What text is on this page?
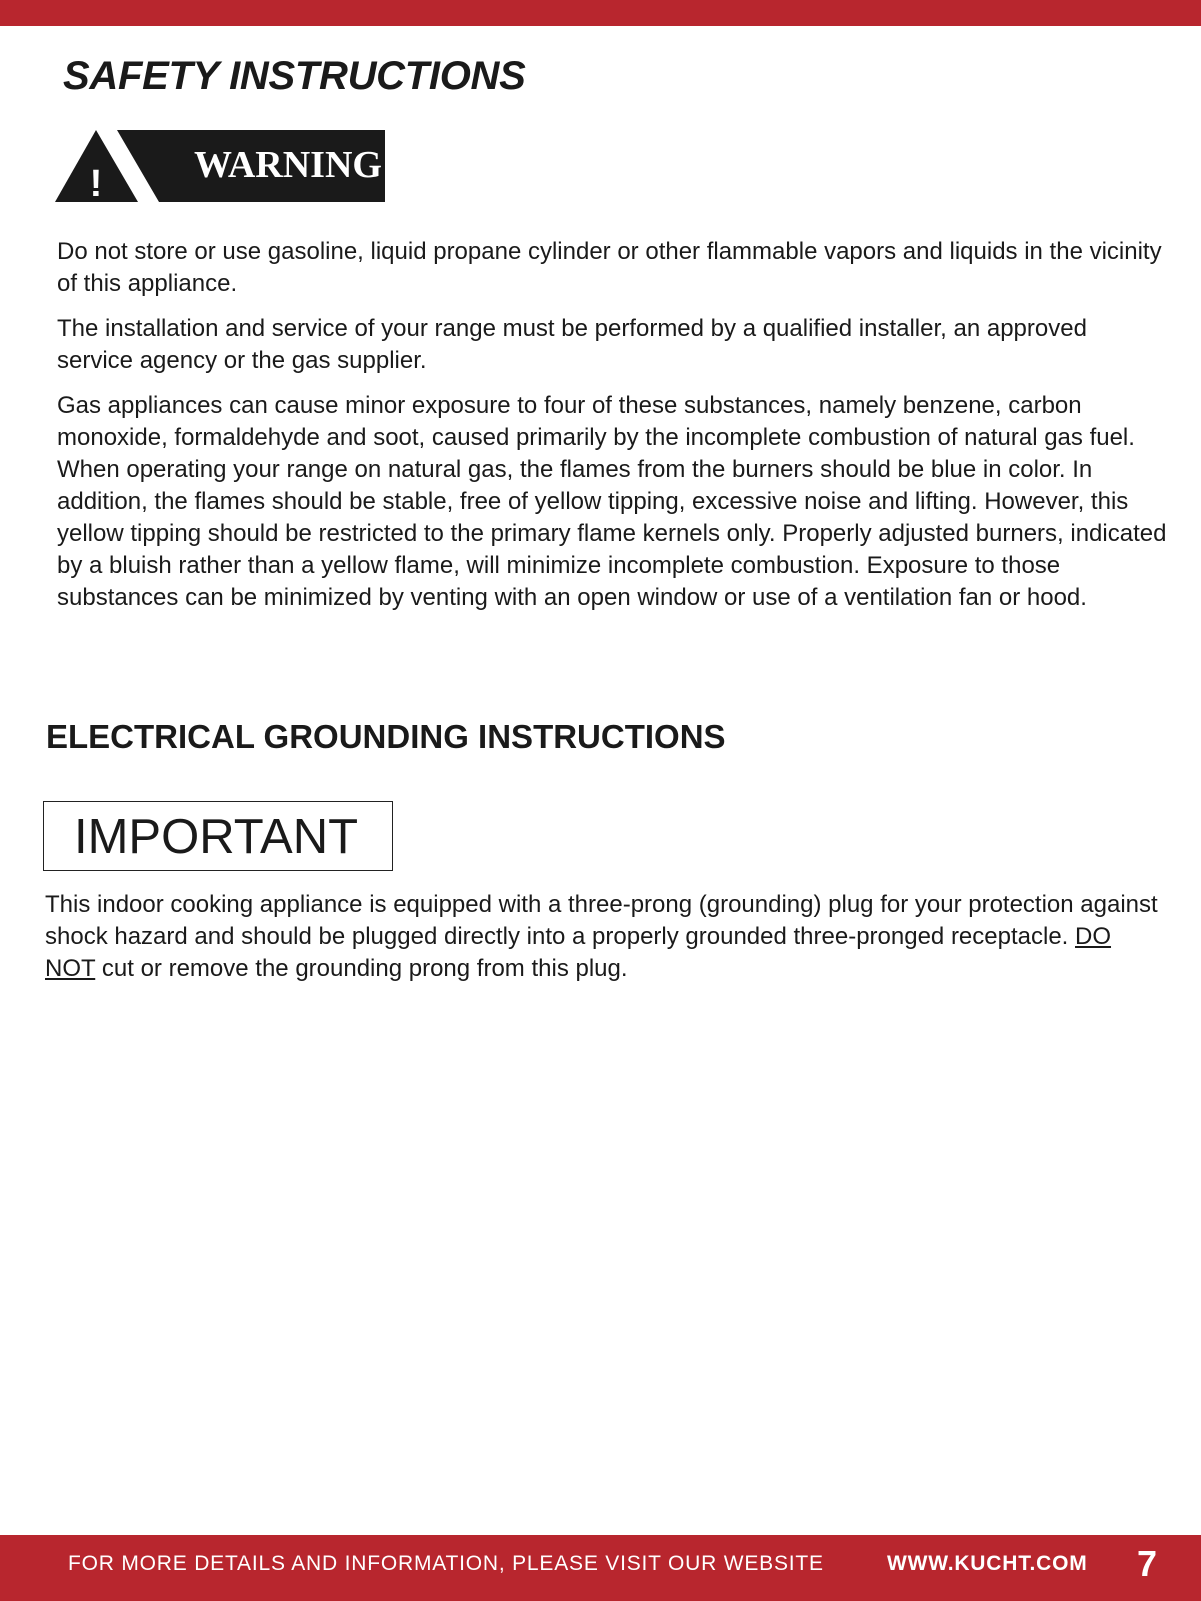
SAFETY INSTRUCTIONS
! WARNING

Do not store or use gasoline, liquid propane cylinder or other flammable vapors and liquids in the vicinity of this appliance.

The installation and service of your range must be performed by a qualified installer, an approved service agency or the gas supplier.

Gas appliances can cause minor exposure to four of these substances, namely benzene, carbon monoxide, formaldehyde and soot, caused primarily by the incomplete combustion of natural gas fuel. When operating your range on natural gas, the flames from the burners should be blue in color. In addition, the flames should be stable, free of yellow tipping, excessive noise and lifting. However, this yellow tipping should be restricted to the primary flame kernels only. Properly adjusted burners, indicated by a bluish rather than a yellow flame, will minimize incomplete combustion. Exposure to those substances can be minimized by venting with an open window or use of a ventilation fan or hood.

ELECTRICAL GROUNDING INSTRUCTIONS
IMPORTANT

This indoor cooking appliance is equipped with a three-prong (grounding) plug for your protection against shock hazard and should be plugged directly into a properly grounded three-pronged receptacle. DO NOT cut or remove the grounding prong from this plug.

FOR MORE DETAILS AND INFORMATION, PLEASE VISIT OUR WEBSITE	WWW.KUCHT.COM 7
